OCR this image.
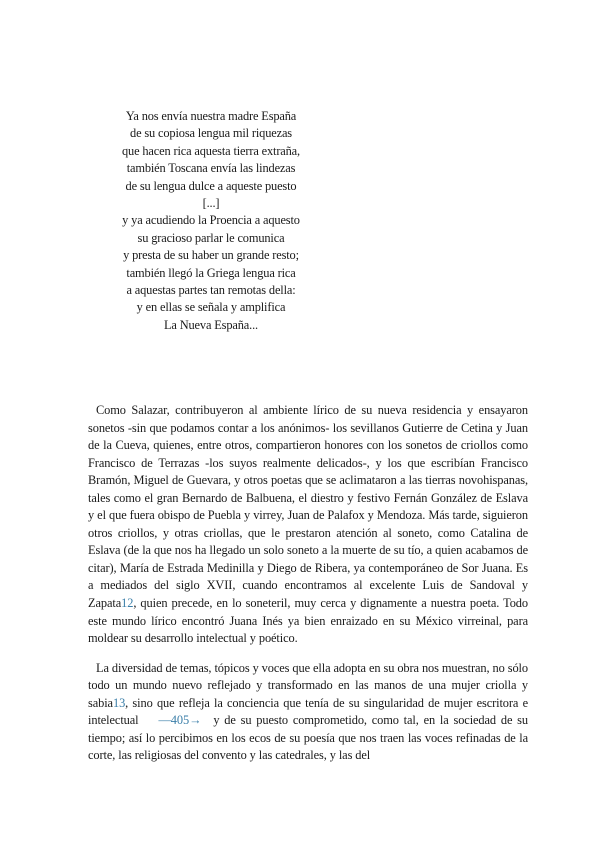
Ya nos envía nuestra madre España
de su copiosa lengua mil riquezas
que hacen rica aquesta tierra extraña,
también Toscana envía las lindezas
de su lengua dulce a aqueste puesto
[...]
y ya acudiendo la Proencia a aquesto
su gracioso parlar le comunica
y presta de su haber un grande resto;
también llegó la Griega lengua rica
a aquestas partes tan remotas della:
y en ellas se señala y amplifica
La Nueva España...

Como Salazar, contribuyeron al ambiente lírico de su nueva residencia y ensayaron sonetos -sin que podamos contar a los anónimos- los sevillanos Gutierre de Cetina y Juan de la Cueva, quienes, entre otros, compartieron honores con los sonetos de criollos como Francisco de Terrazas -los suyos realmente delicados-, y los que escribían Francisco Bramón, Miguel de Guevara, y otros poetas que se aclimataron a las tierras novohispanas, tales como el gran Bernardo de Balbuena, el diestro y festivo Fernán González de Eslava y el que fuera obispo de Puebla y virrey, Juan de Palafox y Mendoza. Más tarde, siguieron otros criollos, y otras criollas, que le prestaron atención al soneto, como Catalina de Eslava (de la que nos ha llegado un solo soneto a la muerte de su tío, a quien acabamos de citar), María de Estrada Medinilla y Diego de Ribera, ya contemporáneo de Sor Juana. Es a mediados del siglo XVII, cuando encontramos al excelente Luis de Sandoval y Zapata12, quien precede, en lo soneteril, muy cerca y dignamente a nuestra poeta. Todo este mundo lírico encontró Juana Inés ya bien enraizado en su México virreinal, para moldear su desarrollo intelectual y poético.

La diversidad de temas, tópicos y voces que ella adopta en su obra nos muestran, no sólo todo un mundo nuevo reflejado y transformado en las manos de una mujer criolla y sabia13, sino que refleja la conciencia que tenía de su singularidad de mujer escritora e intelectual —405→ y de su puesto comprometido, como tal, en la sociedad de su tiempo; así lo percibimos en los ecos de su poesía que nos traen las voces refinadas de la corte, las religiosas del convento y las catedrales, y las del
